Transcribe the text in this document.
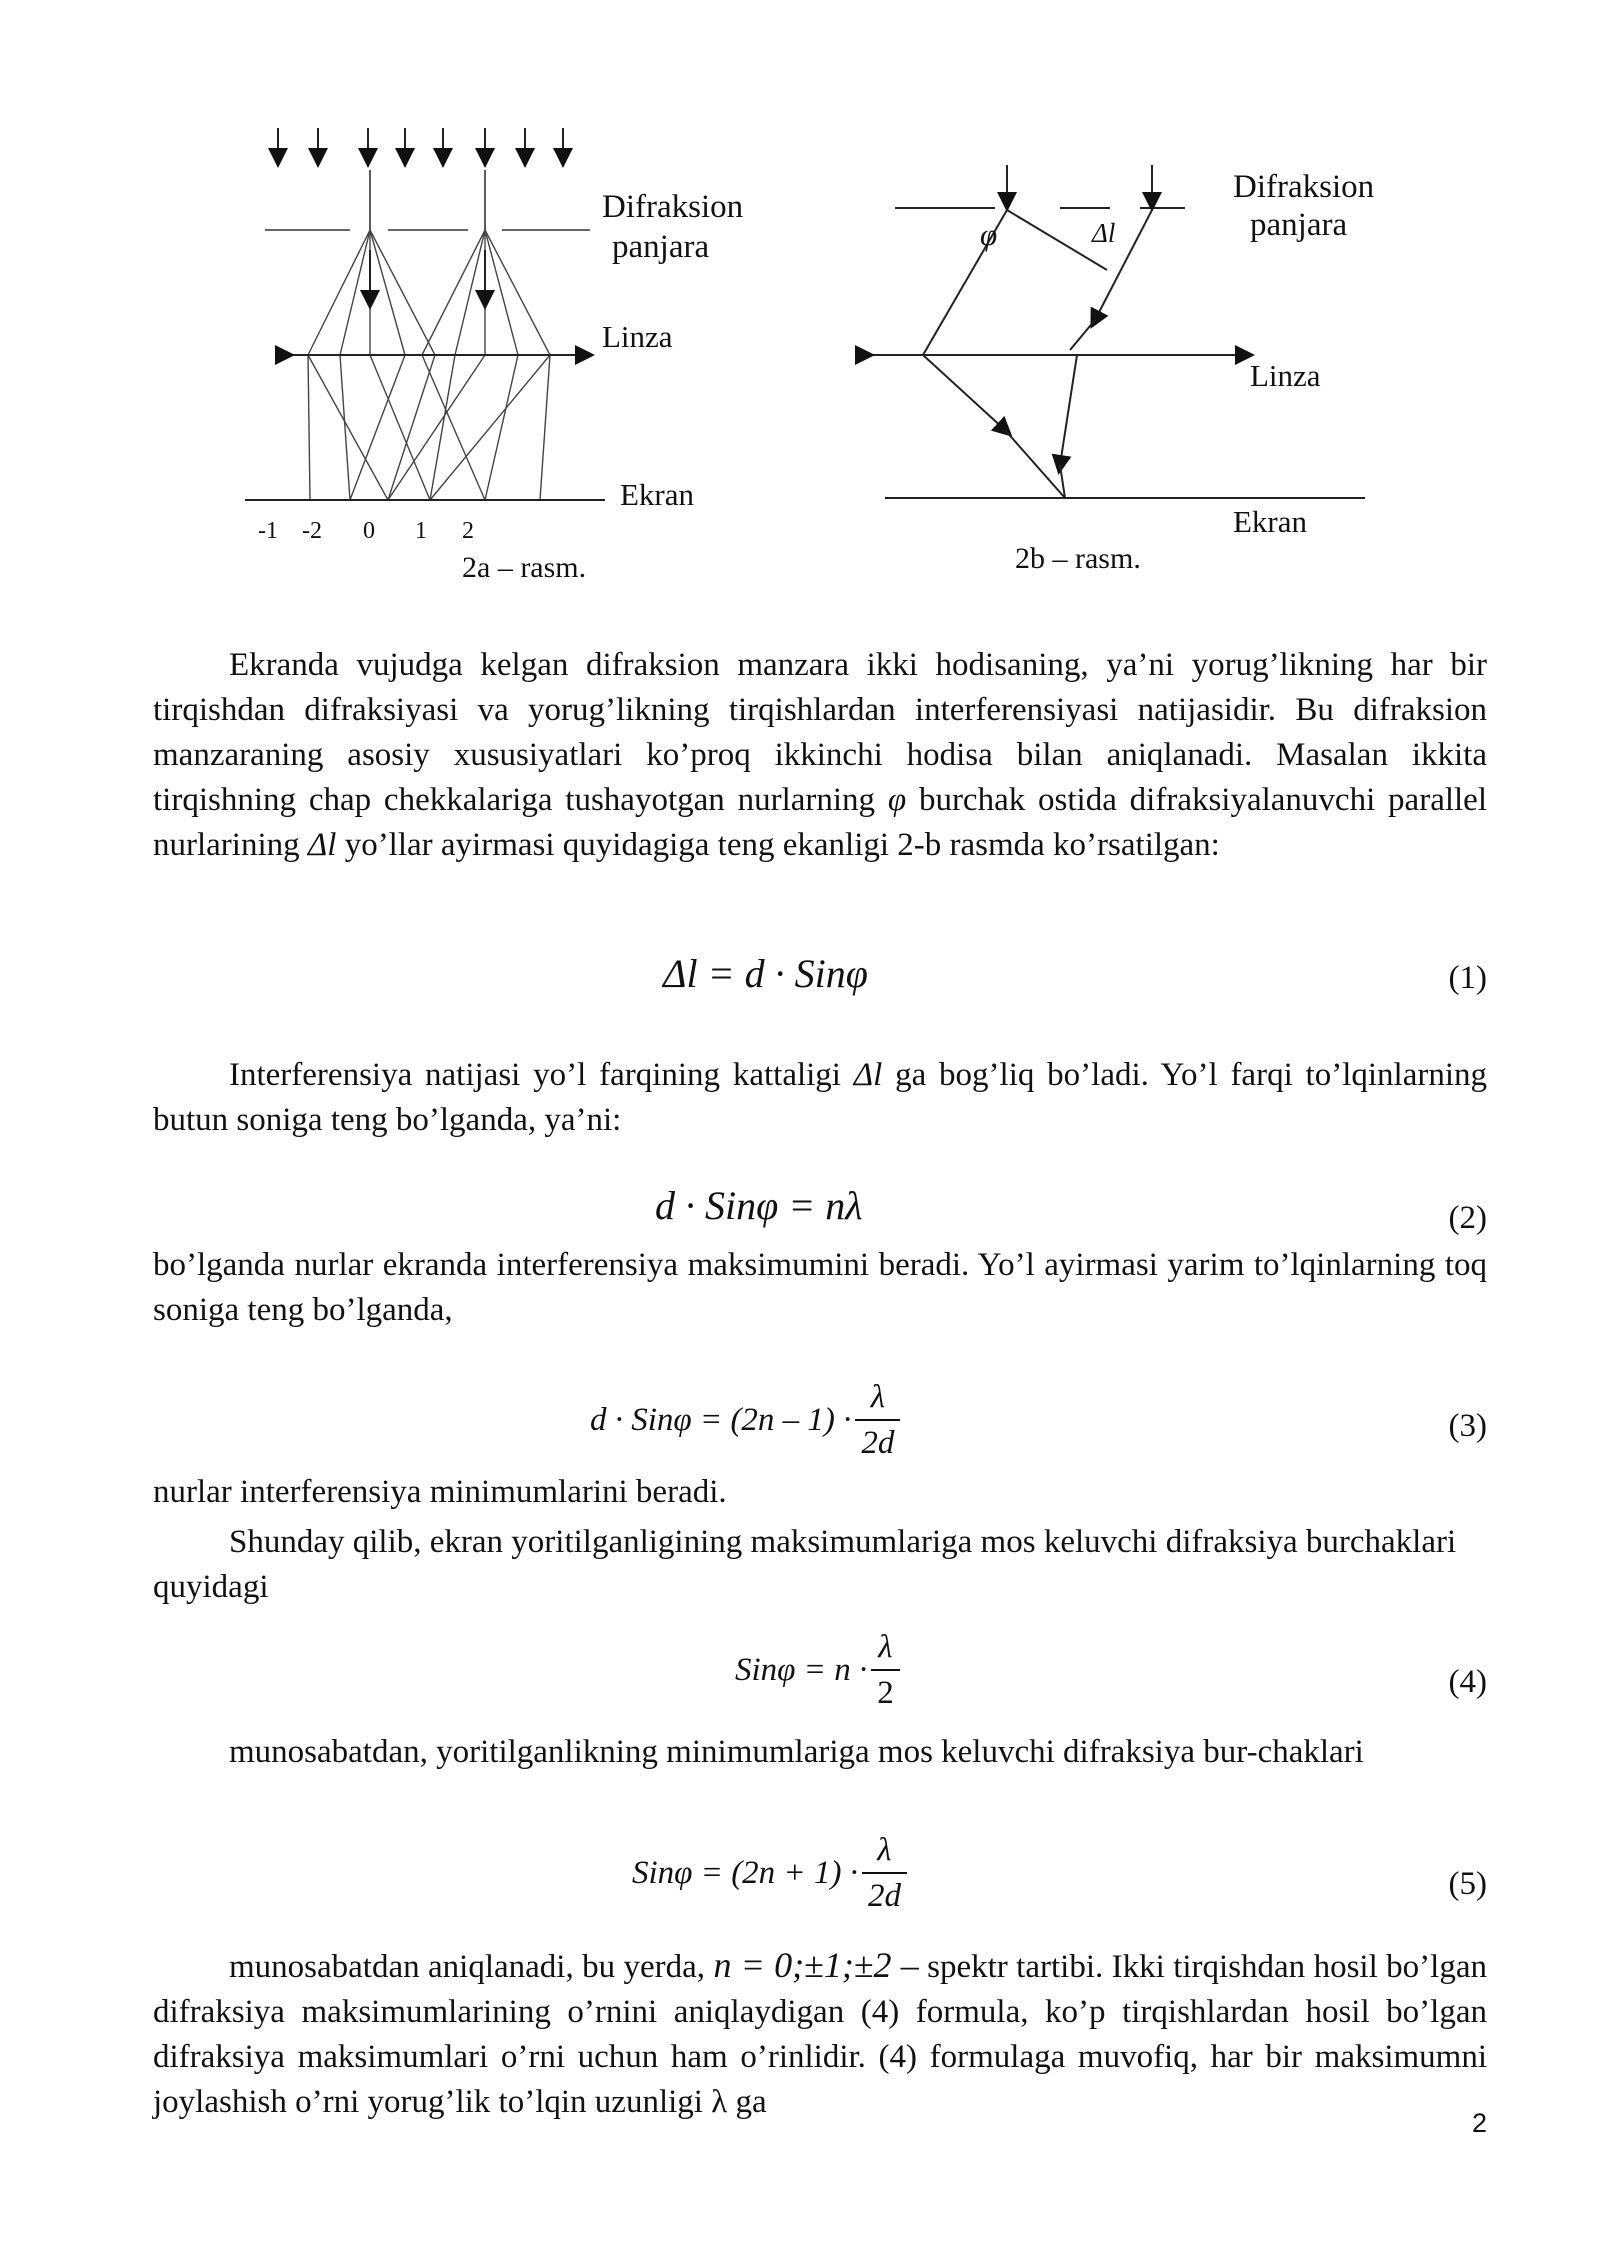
Difraksion
panjara
Linza
Ekran
-1 -2 0 1 2
2a – rasm.
φ	Δl
Difraksion
panjara
Linza
Ekran
2b – rasm.

Ekranda vujudga kelgan difraksion manzara ikki hodisaning, ya’ni yorug’likning har bir tirqishdan difraksiyasi va yorug’likning tirqishlardan interferensiyasi natijasidir. Bu difraksion manzaraning asosiy xususiyatlari ko’proq ikkinchi hodisa bilan aniqlanadi. Masalan ikkita tirqishning chap chekkalariga tushayotgan nurlarning φ burchak ostida difraksiyalanuvchi parallel nurlarining Δl yo’llar ayirmasi quyidagiga teng ekanligi 2-b rasmda ko’rsatilgan:

Δl = d · Sinφ	(1)

Interferensiya natijasi yo’l farqining kattaligi Δl ga bog’liq bo’ladi. Yo’l farqi to’lqinlarning butun soniga teng bo’lganda, ya’ni:

d · Sinφ = nλ	(2)

bo’lganda nurlar ekranda interferensiya maksimumini beradi. Yo’l ayirmasi yarim to’lqinlarning toq soniga teng bo’lganda,

$d \cdot Sin\varphi = (2n - 1) \cdot \frac{\lambda}{2d}$	(3)

nurlar interferensiya minimumlarini beradi.

Shunday qilib, ekran yoritilganligining maksimumlariga mos keluvchi difraksiya burchaklari quyidagi

$Sin\varphi = n \cdot \frac{\lambda}{2}$	(4)

munosabatdan, yoritilganlikning minimumlariga mos keluvchi difraksiya bur-chaklari

$Sin\varphi = (2n + 1) \cdot \frac{\lambda}{2d}$	(5)

munosabatdan aniqlanadi, bu yerda, n = 0;±1;±2 – spektr tartibi. Ikki tirqishdan hosil bo’lgan difraksiya maksimumlarining o’rnini aniqlaydigan (4) formula, ko’p tirqishlardan hosil bo’lgan difraksiya maksimumlari o’rni uchun ham o’rinlidir. (4) formulaga muvofiq, har bir maksimumni joylashish o’rni yorug’lik to’lqin uzunligi λ ga

2
